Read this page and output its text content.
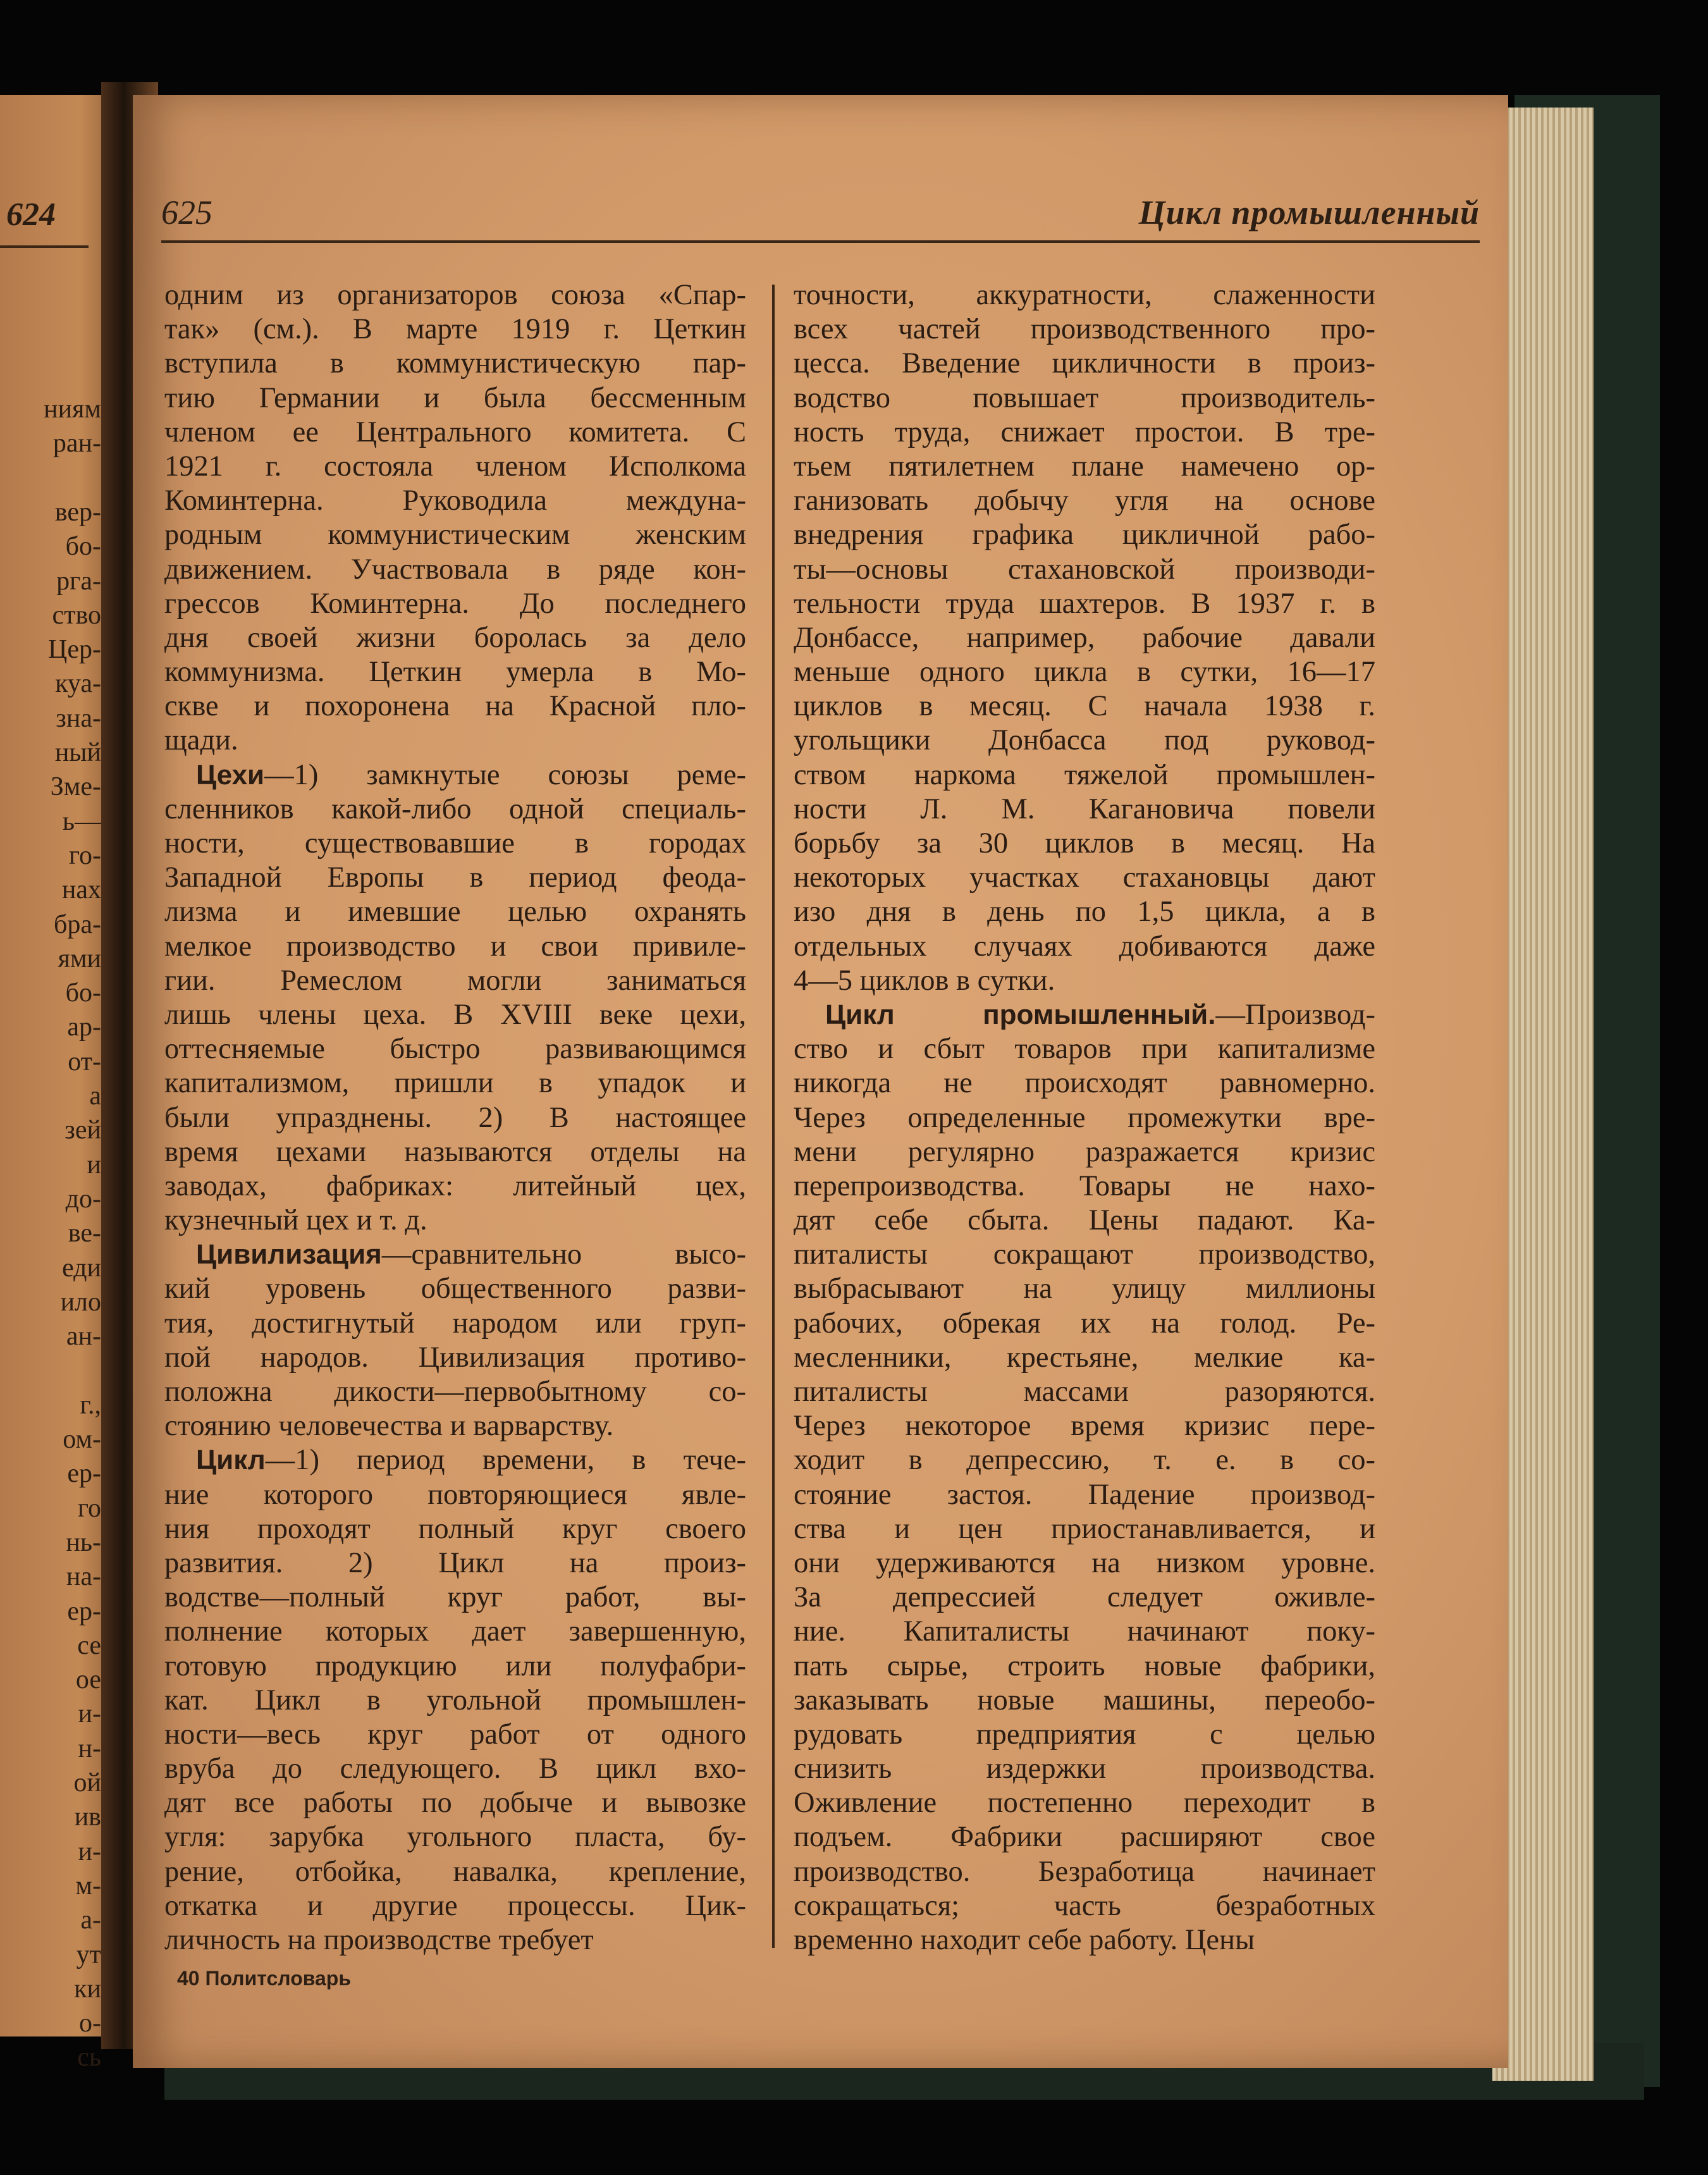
624
ниям
ран-
вер-
бо-
рга-
ство
Цер-
куа-
зна-
ный
Зме-
ь—
го-
нах
бра-
ями
бо-
ар-
от-
а
зей
и
до-
ве-
еди
ило
ан-
г.,
ом-
ер-
го
нь-
на-
ер-
се
ое
и-
н-
ой
ив
и-
м-
а-
ут
ки
о-
сь
625	Цикл промышленный
одним из организаторов союза «Спар-
так» (см.). В марте 1919 г. Цеткин
вступила в коммунистическую пар-
тию Германии и была бессменным
членом ее Центрального комитета. С
1921 г. состояла членом Исполкома
Коминтерна. Руководила междуна-
родным коммунистическим женским
движением. Участвовала в ряде кон-
грессов Коминтерна. До последнего
дня своей жизни боролась за дело
коммунизма. Цеткин умерла в Мо-
скве и похоронена на Красной пло-
щади.
Цехи—1) замкнутые союзы реме-
сленников какой-либо одной специаль-
ности, существовавшие в городах
Западной Европы в период феода-
лизма и имевшие целью охранять
мелкое производство и свои привиле-
гии. Ремеслом могли заниматься
лишь члены цеха. В XVIII веке цехи,
оттесняемые быстро развивающимся
капитализмом, пришли в упадок и
были упразднены. 2) В настоящее
время цехами называются отделы на
заводах, фабриках: литейный цех,
кузнечный цех и т. д.
Цивилизация—сравнительно высо-
кий уровень общественного разви-
тия, достигнутый народом или груп-
пой народов. Цивилизация противо-
положна дикости—первобытному со-
стоянию человечества и варварству.
Цикл—1) период времени, в тече-
ние которого повторяющиеся явле-
ния проходят полный круг своего
развития. 2) Цикл на произ-
водстве—полный круг работ, вы-
полнение которых дает завершенную,
готовую продукцию или полуфабри-
кат. Цикл в угольной промышлен-
ности—весь круг работ от одного
вруба до следующего. В цикл вхо-
дят все работы по добыче и вывозке
угля: зарубка угольного пласта, бу-
рение, отбойка, навалка, крепление,
откатка и другие процессы. Цик-
личность на производстве требует
точности, аккуратности, слаженности
всех частей производственного про-
цесса. Введение цикличности в произ-
водство повышает производитель-
ность труда, снижает простои. В тре-
тьем пятилетнем плане намечено ор-
ганизовать добычу угля на основе
внедрения графика цикличной рабо-
ты—основы стахановской производи-
тельности труда шахтеров. В 1937 г. в
Донбассе, например, рабочие давали
меньше одного цикла в сутки, 16—17
циклов в месяц. С начала 1938 г.
угольщики Донбасса под руковод-
ством наркома тяжелой промышлен-
ности Л. М. Кагановича повели
борьбу за 30 циклов в месяц. На
некоторых участках стахановцы дают
изо дня в день по 1,5 цикла, а в
отдельных случаях добиваются даже
4—5 циклов в сутки.
Цикл промышленный.—Производ-
ство и сбыт товаров при капитализме
никогда не происходят равномерно.
Через определенные промежутки вре-
мени регулярно разражается кризис
перепроизводства. Товары не нахо-
дят себе сбыта. Цены падают. Ка-
питалисты сокращают производство,
выбрасывают на улицу миллионы
рабочих, обрекая их на голод. Ре-
месленники, крестьяне, мелкие ка-
питалисты массами разоряются.
Через некоторое время кризис пере-
ходит в депрессию, т. е. в со-
стояние застоя. Падение производ-
ства и цен приостанавливается, и
они удерживаются на низком уровне.
За депрессией следует оживле-
ние. Капиталисты начинают поку-
пать сырье, строить новые фабрики,
заказывать новые машины, переобо-
рудовать предприятия с целью
снизить издержки производства.
Оживление постепенно переходит в
подъем. Фабрики расширяют свое
производство. Безработица начинает
сокращаться; часть безработных
временно находит себе работу. Цены
40 Политсловарь
